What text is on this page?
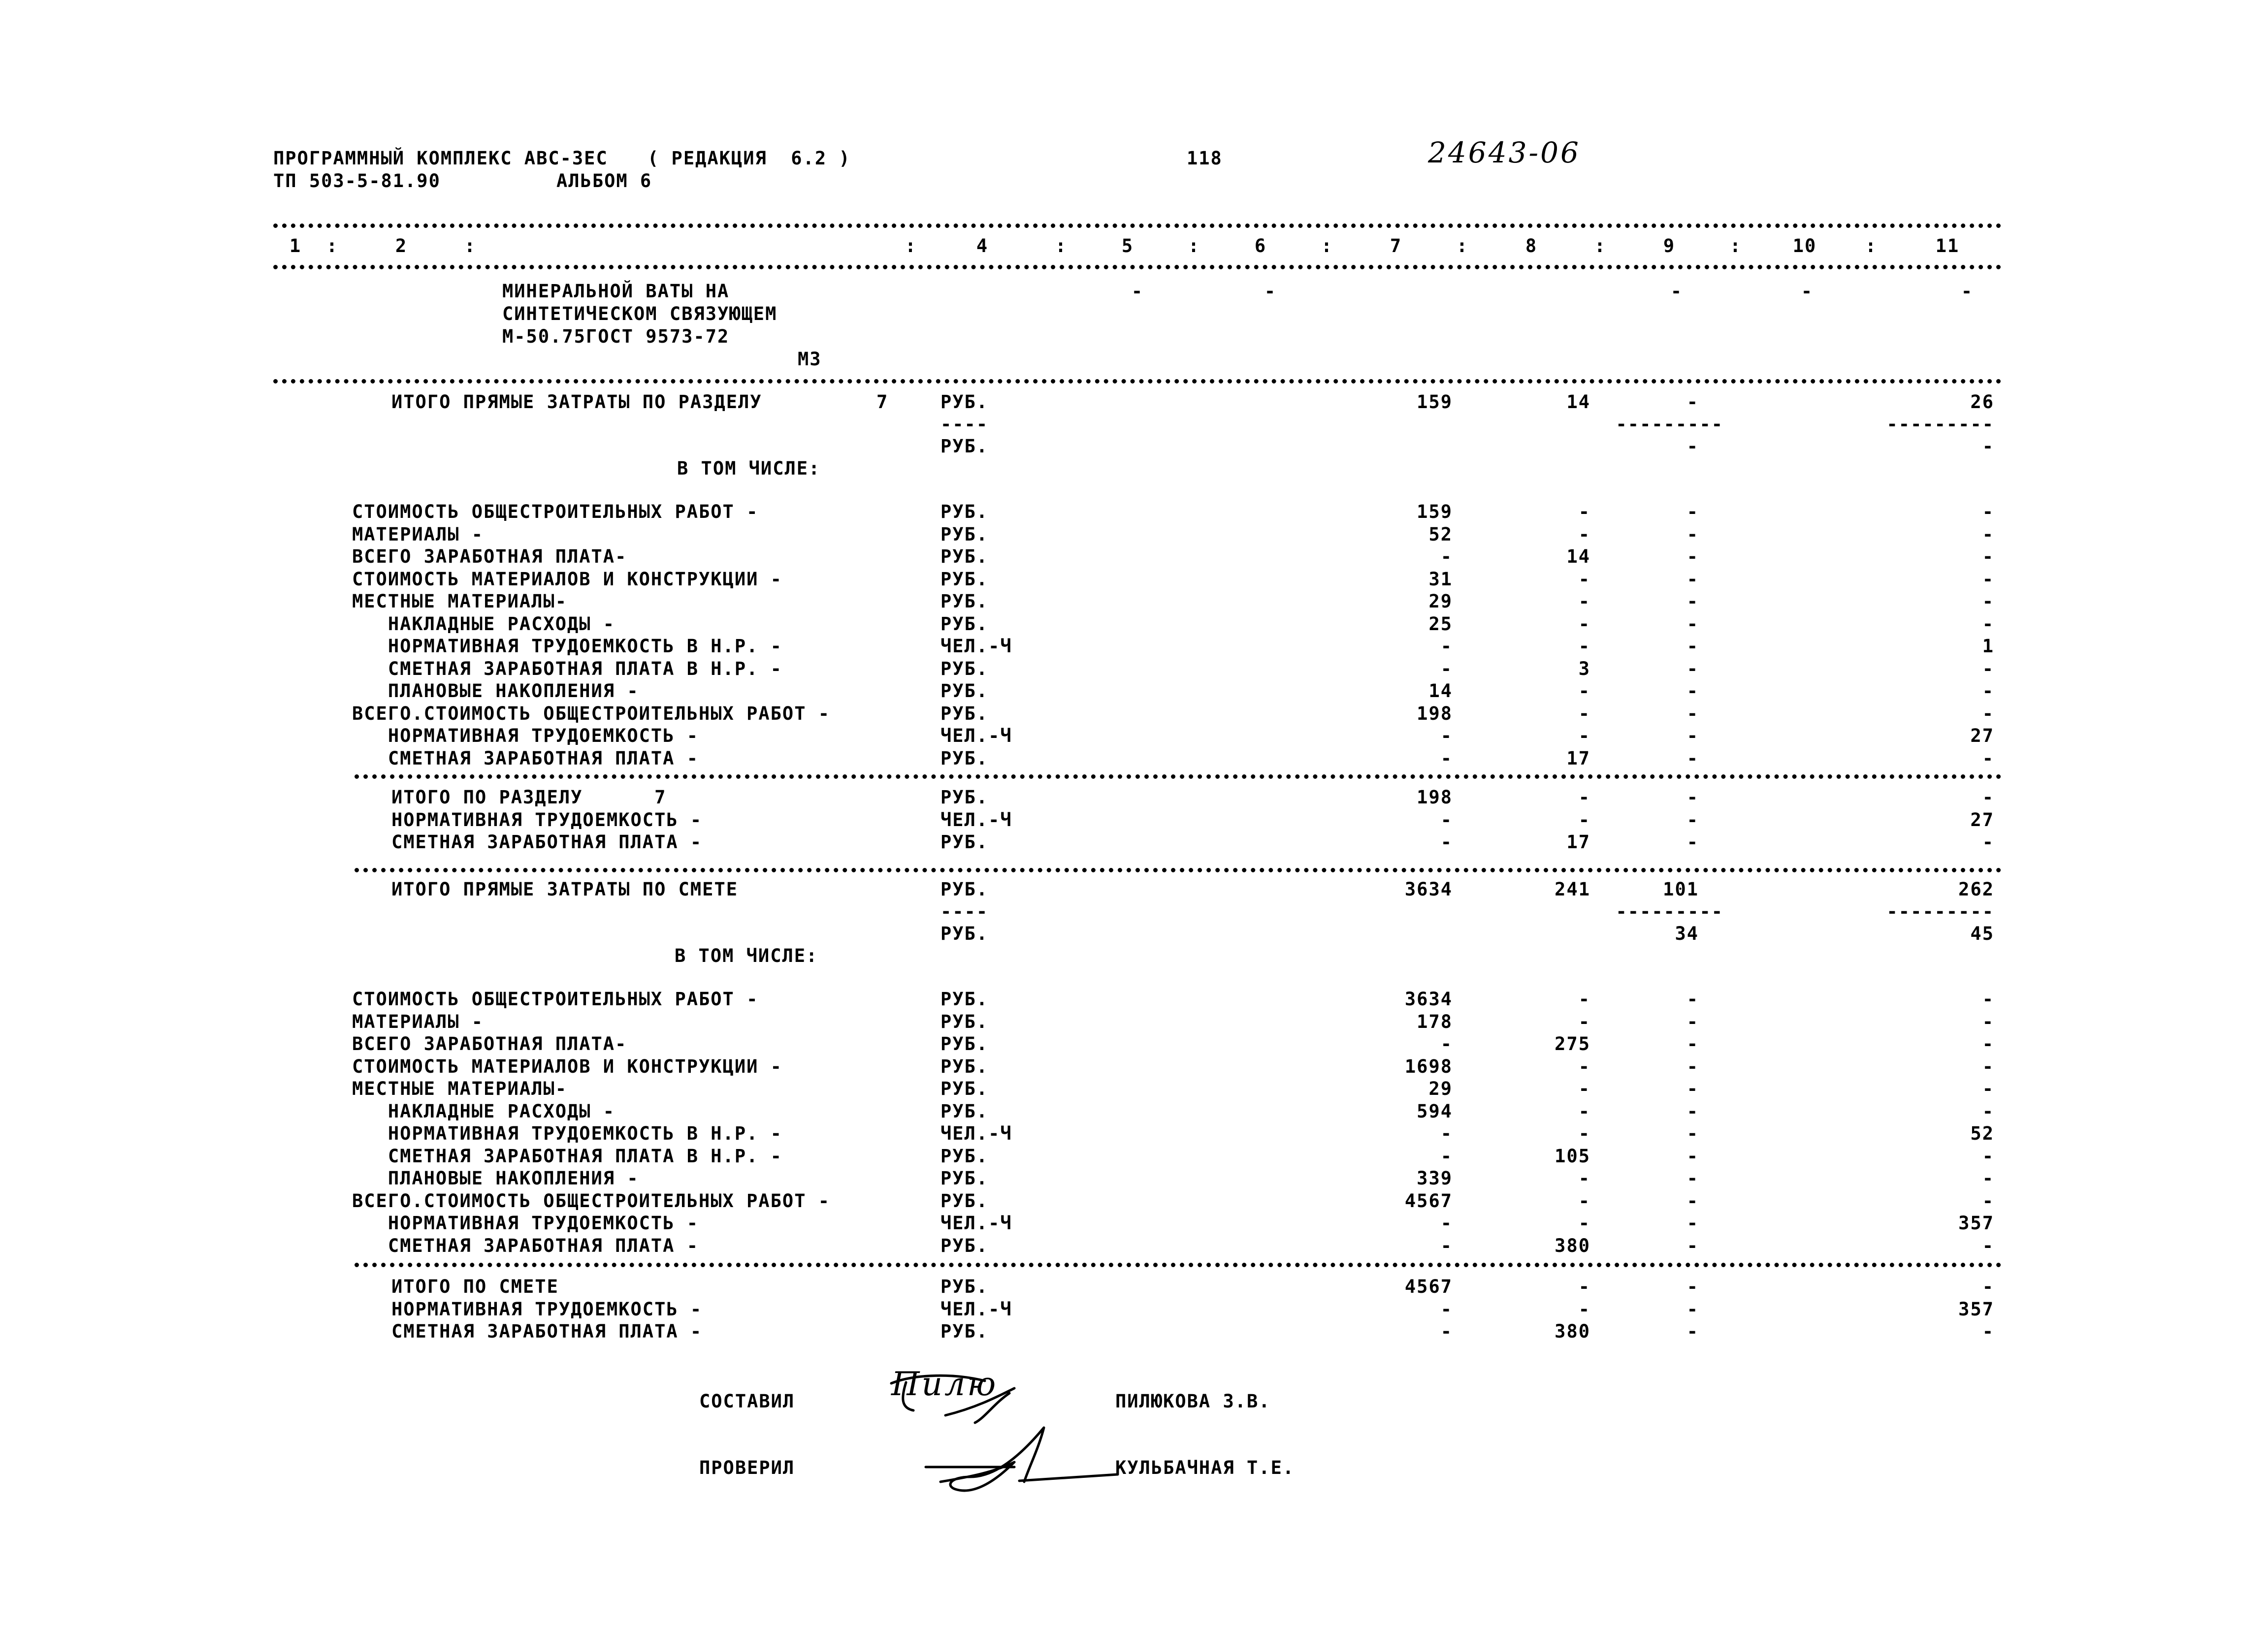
ПРОГРАММНЫЙ КОМПЛЕКС АВС-3ЕС ( РЕДАКЦИЯ  6.2 )	118	24643-06
ТП 503-5-81.90	АЛЬБОМ 6
1 :	2	:	:	4	:	5	:	6	:	7	:	8	:	9	:	10	:	11
МИНЕРАЛЬНОЙ ВАТЫ НА
СИНТЕТИЧЕСКОМ СВЯЗУЮЩЕМ
М-50.75ГОСТ 9573-72
М3
-	-	-	-	-
ИТОГО ПРЯМЫЕ ЗАТРАТЫ ПО РАЗДЕЛУ	7	РУБ.	159	14	-	26
----	---------	---------
РУБ.	-	-
В ТОМ ЧИСЛЕ:
СТОИМОСТЬ ОБЩЕСТРОИТЕЛЬНЫХ РАБОТ -	РУБ.	159	-	-	-
МАТЕРИАЛЫ -	РУБ.	52	-	-	-
ВСЕГО ЗАРАБОТНАЯ ПЛАТА-	РУБ.	-	14	-	-
СТОИМОСТЬ МАТЕРИАЛОВ И КОНСТРУКЦИИ -	РУБ.	31	-	-	-
МЕСТНЫЕ МАТЕРИАЛЫ-	РУБ.	29	-	-	-
НАКЛАДНЫЕ РАСХОДЫ -	РУБ.	25	-	-	-
НОРМАТИВНАЯ ТРУДОЕМКОСТЬ В Н.Р. -	ЧЕЛ.-Ч	-	-	-	1
СМЕТНАЯ ЗАРАБОТНАЯ ПЛАТА В Н.Р. -	РУБ.	-	3	-	-
ПЛАНОВЫЕ НАКОПЛЕНИЯ -	РУБ.	14	-	-	-
ВСЕГО.СТОИМОСТЬ ОБЩЕСТРОИТЕЛЬНЫХ РАБОТ -	РУБ.	198	-	-	-
НОРМАТИВНАЯ ТРУДОЕМКОСТЬ -	ЧЕЛ.-Ч	-	-	-	27
СМЕТНАЯ ЗАРАБОТНАЯ ПЛАТА -	РУБ.	-	17	-	-
ИТОГО ПО РАЗДЕЛУ      7	РУБ.	198	-	-	-
НОРМАТИВНАЯ ТРУДОЕМКОСТЬ -	ЧЕЛ.-Ч	-	-	-	27
СМЕТНАЯ ЗАРАБОТНАЯ ПЛАТА -	РУБ.	-	17	-	-
ИТОГО ПРЯМЫЕ ЗАТРАТЫ ПО СМЕТЕ	РУБ.	3634	241	101	262
----	---------	---------
РУБ.	34	45
В ТОМ ЧИСЛЕ:
СТОИМОСТЬ ОБЩЕСТРОИТЕЛЬНЫХ РАБОТ -	РУБ.	3634	-	-	-
МАТЕРИАЛЫ -	РУБ.	178	-	-	-
ВСЕГО ЗАРАБОТНАЯ ПЛАТА-	РУБ.	-	275	-	-
СТОИМОСТЬ МАТЕРИАЛОВ И КОНСТРУКЦИИ -	РУБ.	1698	-	-	-
МЕСТНЫЕ МАТЕРИАЛЫ-	РУБ.	29	-	-	-
НАКЛАДНЫЕ РАСХОДЫ -	РУБ.	594	-	-	-
НОРМАТИВНАЯ ТРУДОЕМКОСТЬ В Н.Р. -	ЧЕЛ.-Ч	-	-	-	52
СМЕТНАЯ ЗАРАБОТНАЯ ПЛАТА В Н.Р. -	РУБ.	-	105	-	-
ПЛАНОВЫЕ НАКОПЛЕНИЯ -	РУБ.	339	-	-	-
ВСЕГО.СТОИМОСТЬ ОБЩЕСТРОИТЕЛЬНЫХ РАБОТ -	РУБ.	4567	-	-	-
НОРМАТИВНАЯ ТРУДОЕМКОСТЬ -	ЧЕЛ.-Ч	-	-	-	357
СМЕТНАЯ ЗАРАБОТНАЯ ПЛАТА -	РУБ.	-	380	-	-
ИТОГО ПО СМЕТЕ	РУБ.	4567	-	-	-
НОРМАТИВНАЯ ТРУДОЕМКОСТЬ -	ЧЕЛ.-Ч	-	-	-	357
СМЕТНАЯ ЗАРАБОТНАЯ ПЛАТА -	РУБ.	-	380	-	-
СОСТАВИЛ	Пилю	ПИЛЮКОВА З.В.
ПРОВЕРИЛ	КУЛЬБАЧНАЯ Т.Е.
